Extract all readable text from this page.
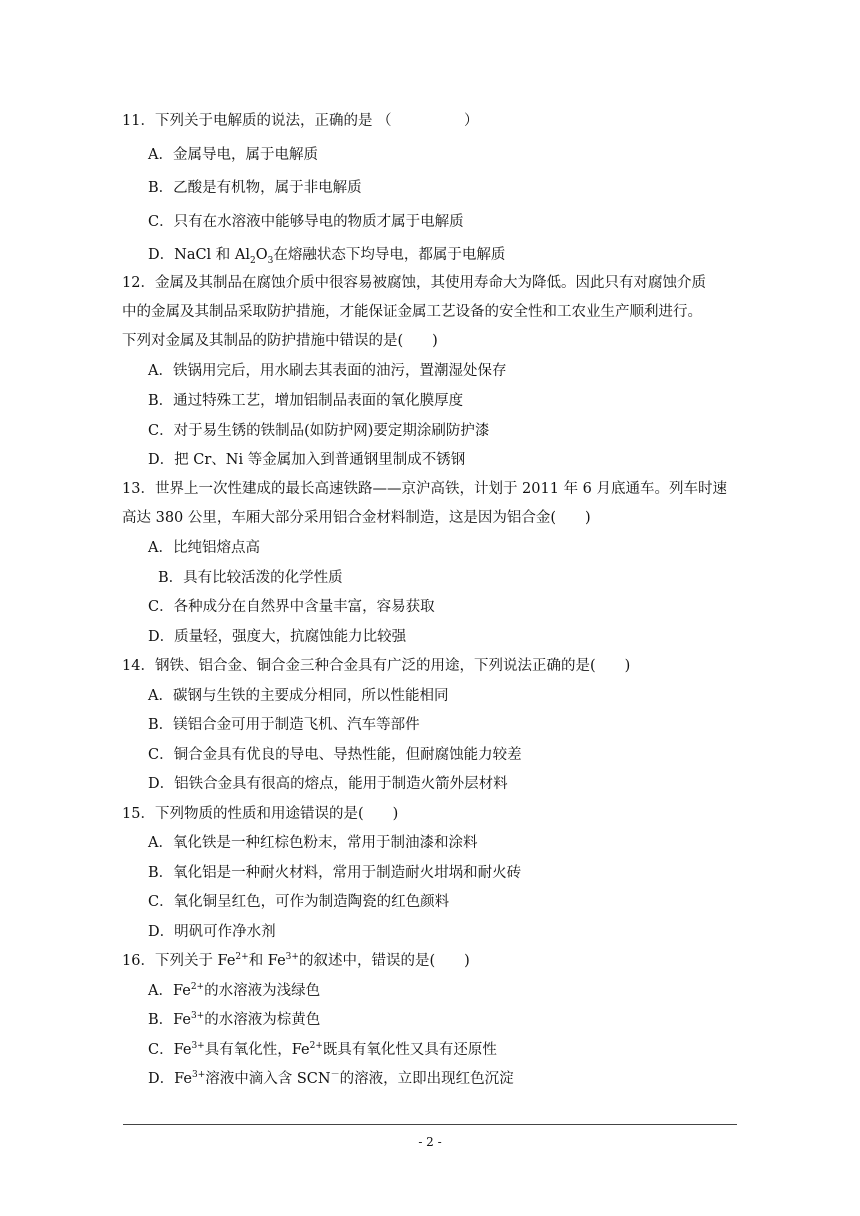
11．下列关于电解质的说法，正确的是 （　　　　　）
A．金属导电，属于电解质
B．乙酸是有机物，属于非电解质
C．只有在水溶液中能够导电的物质才属于电解质
D．NaCl 和 $Al_2O_3$在熔融状态下均导电，都属于电解质
12．金属及其制品在腐蚀介质中很容易被腐蚀，其使用寿命大为降低。因此只有对腐蚀介质
中的金属及其制品采取防护措施，才能保证金属工艺设备的安全性和工农业生产顺利进行。
下列对金属及其制品的防护措施中错误的是(　　)
A．铁锅用完后，用水刷去其表面的油污，置潮湿处保存
B．通过特殊工艺，增加铝制品表面的氧化膜厚度
C．对于易生锈的铁制品(如防护网)要定期涂刷防护漆
D．把 Cr、Ni 等金属加入到普通钢里制成不锈钢
13．世界上一次性建成的最长高速铁路——京沪高铁，计划于 2011 年 6 月底通车。列车时速
高达 380 公里，车厢大部分采用铝合金材料制造，这是因为铝合金(　　)
A．比纯铝熔点高
B．具有比较活泼的化学性质
C．各种成分在自然界中含量丰富，容易获取
D．质量轻，强度大，抗腐蚀能力比较强
14．钢铁、铝合金、铜合金三种合金具有广泛的用途，下列说法正确的是(　　)
A．碳钢与生铁的主要成分相同，所以性能相同
B．镁铝合金可用于制造飞机、汽车等部件
C．铜合金具有优良的导电、导热性能，但耐腐蚀能力较差
D．铝铁合金具有很高的熔点，能用于制造火箭外层材料
15．下列物质的性质和用途错误的是(　　)
A．氧化铁是一种红棕色粉末，常用于制油漆和涂料
B．氧化铝是一种耐火材料，常用于制造耐火坩埚和耐火砖
C．氧化铜呈红色，可作为制造陶瓷的红色颜料
D．明矾可作净水剂
16．下列关于 $Fe^{2+}$和 $Fe^{3+}$的叙述中，错误的是(　　)
A．$Fe^{2+}$的水溶液为浅绿色
B．$Fe^{3+}$的水溶液为棕黄色
C．$Fe^{3+}$具有氧化性，$Fe^{2+}$既具有氧化性又具有还原性
D．$Fe^{3+}$溶液中滴入含 SCN－的溶液，立即出现红色沉淀
- 2 -
